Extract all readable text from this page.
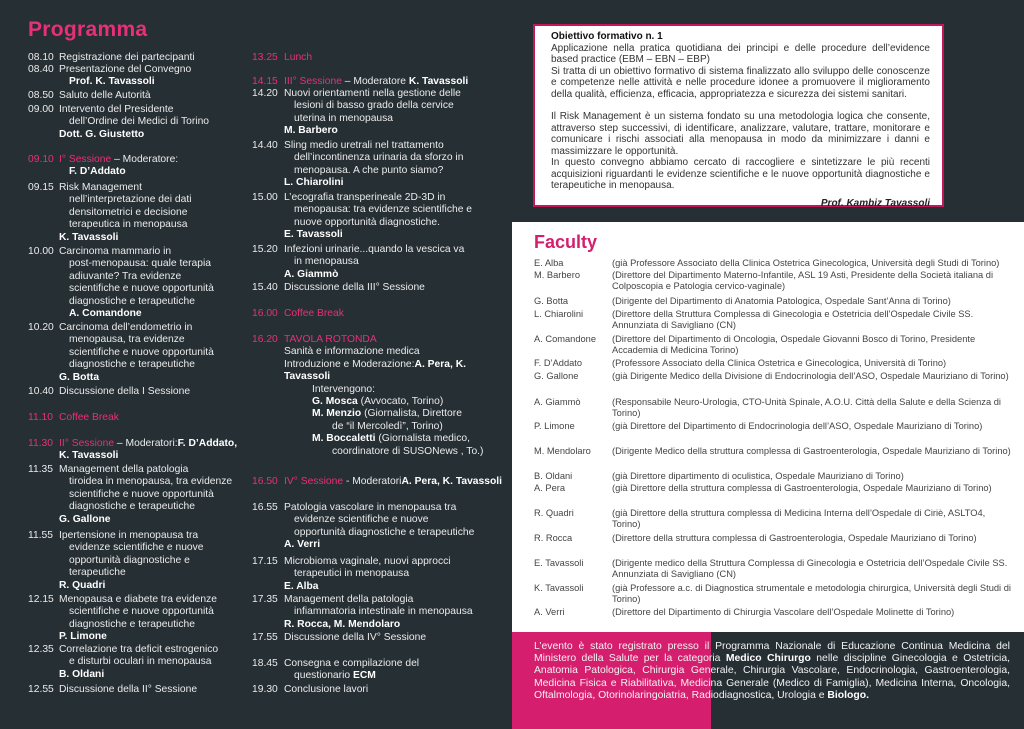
Programma
08.10 Registrazione dei partecipanti
08.40 Presentazione del Convegno
Prof. K. Tavassoli
08.50 Saluto delle Autorità
09.00 Intervento del Presidente
dell’Ordine dei Medici di Torino
Dott. G. Giustetto
09.10 I° Sessione – Moderatore:
F. D’Addato
09.15 Risk Management
nell’interpretazione dei dati
densitometrici e decisione
terapeutica in menopausa
K. Tavassoli
10.00 Carcinoma mammario in
post-menopausa: quale terapia
adiuvante? Tra evidenze
scientifiche e nuove opportunità
diagnostiche e terapeutiche
A. Comandone
10.20 Carcinoma dell’endometrio in
menopausa, tra evidenze
scientifiche e nuove opportunità
diagnostiche e terapeutiche
G. Botta
10.40 Discussione della I Sessione
11.10 Coffee Break
11.30 II° Sessione – Moderatori:F. D’Addato, K. Tavassoli
11.35 Management della patologia
tiroidea in menopausa, tra evidenze
scientifiche e nuove opportunità
diagnostiche e terapeutiche
G. Gallone
11.55 Ipertensione in menopausa tra
evidenze scientifiche e nuove
opportunità diagnostiche e
terapeutiche
R. Quadri
12.15 Menopausa e diabete tra evidenze
scientifiche e nuove opportunità
diagnostiche e terapeutiche
P. Limone
12.35 Correlazione tra deficit estrogenico
e disturbi oculari in menopausa
B. Oldani
12.55 Discussione della II° Sessione
13.25 Lunch
14.15 III° Sessione – Moderatore K. Tavassoli
14.20 Nuovi orientamenti nella gestione delle
lesioni di basso grado della cervice
uterina in menopausa
M. Barbero
14.40 Sling medio uretrali nel trattamento
dell’incontinenza urinaria da sforzo in
menopausa. A che punto siamo?
L. Chiarolini
15.00 L’ecografia transperineale 2D-3D in
menopausa: tra evidenze scientifiche e
nuove opportunità diagnostiche.
E. Tavassoli
15.20 Infezioni urinarie...quando la vescica va
in menopausa
A. Giammò
15.40 Discussione della III° Sessione
16.00 Coffee Break
16.20 TAVOLA ROTONDA
Sanità e informazione medica
Introduzione e Moderazione:A. Pera, K. Tavassoli
Intervengono:
G. Mosca (Avvocato, Torino)
M. Menzio (Giornalista, Direttore
de “il Mercoledì”, Torino)
M. Boccaletti (Giornalista medico,
coordinatore di SUSONews , To.)
16.50 IV° Sessione - ModeratoriA. Pera, K. Tavassoli
16.55 Patologia vascolare in menopausa tra
evidenze scientifiche e nuove
opportunità diagnostiche e terapeutiche
A. Verri
17.15 Microbioma vaginale, nuovi approcci
terapeutici in menopausa
E. Alba
17.35 Management della patologia
infiammatoria intestinale in menopausa
R. Rocca, M. Mendolaro
17.55 Discussione della IV° Sessione
18.45 Consegna e compilazione del
questionario ECM
19.30 Conclusione lavori

Obiettivo formativo n. 1

Applicazione nella pratica quotidiana dei principi e delle procedure dell’evidence based practice (EBM – EBN – EBP)

Si tratta di un obiettivo formativo di sistema finalizzato allo sviluppo delle conoscenze e competenze nelle attività e nelle procedure idonee a promuovere il miglioramento della qualità, efficienza, efficacia, appropriatezza e sicurezza dei sistemi sanitari.

Il Risk Management è un sistema fondato su una metodologia logica che consente, attraverso step successivi, di identificare, analizzare, valutare, trattare, monitorare e comunicare i rischi associati alla menopausa in modo da minimizzare i danni e massimizzare le opportunità.

In questo convegno abbiamo cercato di raccogliere e sintetizzare le più recenti acquisizioni riguardanti le evidenze scientifiche e le nuove opportunità diagnostiche e terapeutiche in menopausa.

Prof. Kambiz Tavassoli

Faculty
E. Alba	(già Professore Associato della Clinica Ostetrica Ginecologica, Università degli Studi di Torino)
M. Barbero	(Direttore del Dipartimento Materno-Infantile, ASL 19 Asti, Presidente della Società italiana di Colposcopia e Patologia cervico-vaginale)
G. Botta	(Dirigente del Dipartimento di Anatomia Patologica, Ospedale Sant’Anna di Torino)
L. Chiarolini	(Direttore della Struttura Complessa di Ginecologia e Ostetricia dell’Ospedale Civile SS. Annunziata di Savigliano (CN)
A. Comandone	(Direttore del Dipartimento di Oncologia, Ospedale Giovanni Bosco di Torino, Presidente Accademia di Medicina Torino)
F. D’Addato	(Professore Associato della Clinica Ostetrica e Ginecologica, Università di Torino)
G. Gallone	(già Dirigente Medico della Divisione di Endocrinologia dell’ASO, Ospedale Mauriziano di Torino)
A. Giammò	(Responsabile Neuro-Urologia, CTO-Unità Spinale, A.O.U. Città della Salute e della Scienza di Torino)
P. Limone	(già Direttore del Dipartimento di Endocrinologia dell’ASO, Ospedale Mauriziano di Torino)
M. Mendolaro	(Dirigente Medico della struttura complessa di Gastroenterologia, Ospedale Mauriziano di Torino)
B. Oldani	(già Direttore dipartimento di oculistica, Ospedale Mauriziano di Torino)
A. Pera	(già Direttore della struttura complessa di Gastroenterologia, Ospedale Mauriziano di Torino)
R. Quadri	(già Direttore della struttura complessa di Medicina Interna dell’Ospedale di Ciriè, ASLTO4, Torino)
R. Rocca	(Direttore della struttura complessa di Gastroenterologia, Ospedale Mauriziano di Torino)
E. Tavassoli	(Dirigente medico della Struttura Complessa di Ginecologia e Ostetricia dell’Ospedale Civile SS. Annunziata di Savigliano (CN)
K. Tavassoli	(già Professore a.c. di Diagnostica strumentale e metodologia chirurgica, Università degli Studi di Torino)
A. Verri	(Direttore del Dipartimento di Chirurgia Vascolare dell’Ospedale Molinette di Torino)
L’evento è stato registrato presso il Programma Nazionale di Educazione Continua Medicina del Ministero della Salute per la categoria Medico Chirurgo nelle discipline Ginecologia e Ostetricia, Anatomia Patologica, Chirurgia Generale, Chirurgia Vascolare, Endocrinologia, Gastroenterologia, Medicina Fisica e Riabilitativa, Medicina Generale (Medico di Famiglia), Medicina Interna, Oncologia, Oftalmologia, Otorinolaringoiatria, Radiodiagnostica, Urologia e Biologo.
